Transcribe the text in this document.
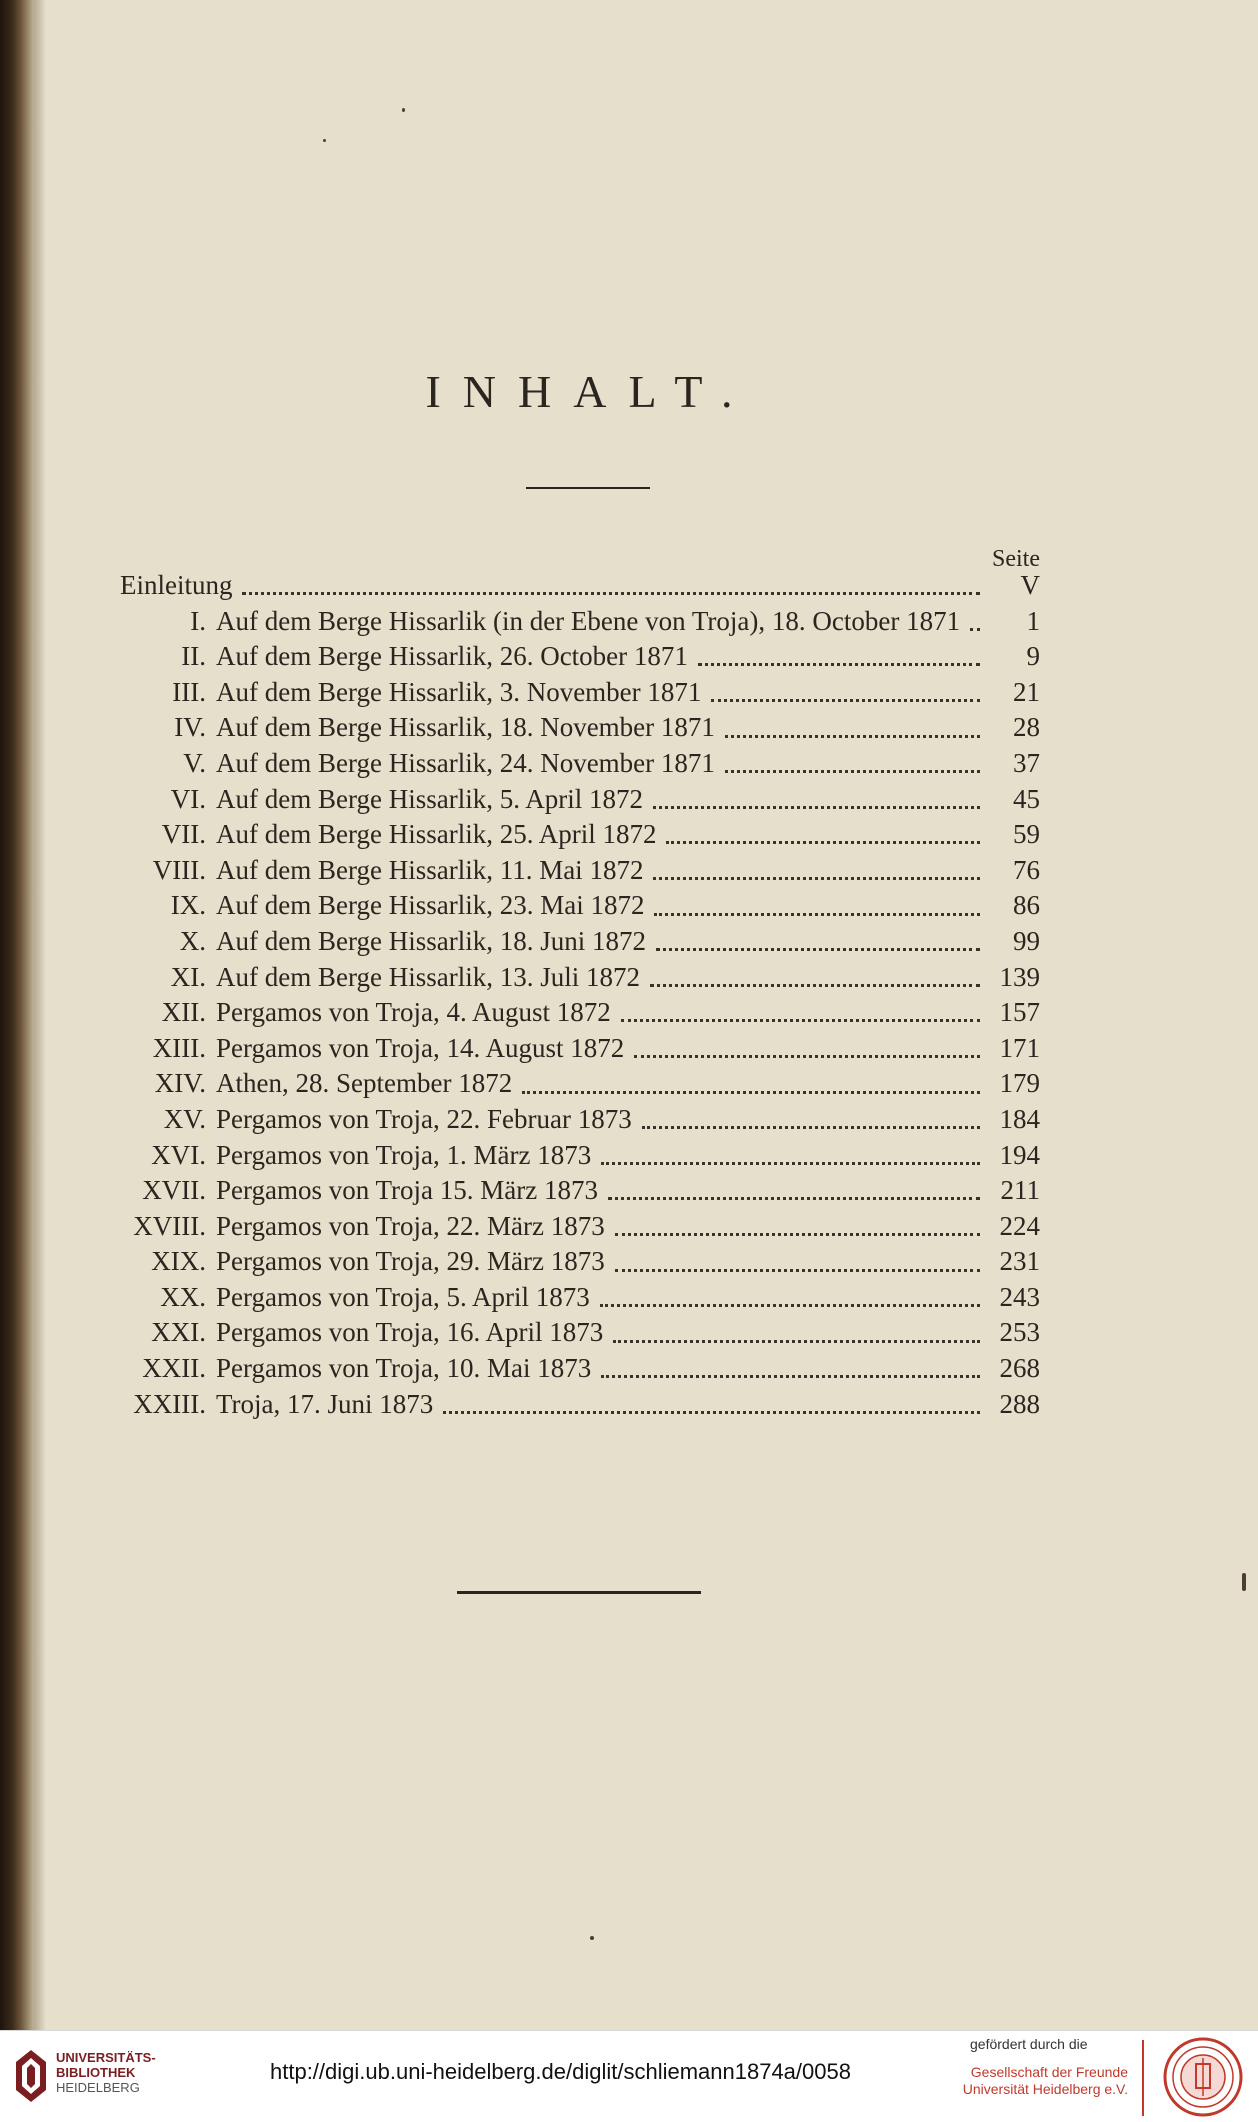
INHALT.
Seite
Einleitung	V
I. Auf dem Berge Hissarlik (in der Ebene von Troja), 18. October 1871	1
II. Auf dem Berge Hissarlik, 26. October 1871	9
III. Auf dem Berge Hissarlik, 3. November 1871	21
IV. Auf dem Berge Hissarlik, 18. November 1871	28
V. Auf dem Berge Hissarlik, 24. November 1871	37
VI. Auf dem Berge Hissarlik, 5. April 1872	45
VII. Auf dem Berge Hissarlik, 25. April 1872	59
VIII. Auf dem Berge Hissarlik, 11. Mai 1872	76
IX. Auf dem Berge Hissarlik, 23. Mai 1872	86
X. Auf dem Berge Hissarlik, 18. Juni 1872	99
XI. Auf dem Berge Hissarlik, 13. Juli 1872	139
XII. Pergamos von Troja, 4. August 1872	157
XIII. Pergamos von Troja, 14. August 1872	171
XIV. Athen, 28. September 1872	179
XV. Pergamos von Troja, 22. Februar 1873	184
XVI. Pergamos von Troja, 1. März 1873	194
XVII. Pergamos von Troja 15. März 1873	211
XVIII. Pergamos von Troja, 22. März 1873	224
XIX. Pergamos von Troja, 29. März 1873	231
XX. Pergamos von Troja, 5. April 1873	243
XXI. Pergamos von Troja, 16. April 1873	253
XXII. Pergamos von Troja, 10. Mai 1873	268
XXIII. Troja, 17. Juni 1873	288
UNIVERSITÄTS-
BIBLIOTHEK
HEIDELBERG
http://digi.ub.uni-heidelberg.de/diglit/schliemann1874a/0058
gefördert durch die
Gesellschaft der Freunde
Universität Heidelberg e.V.
